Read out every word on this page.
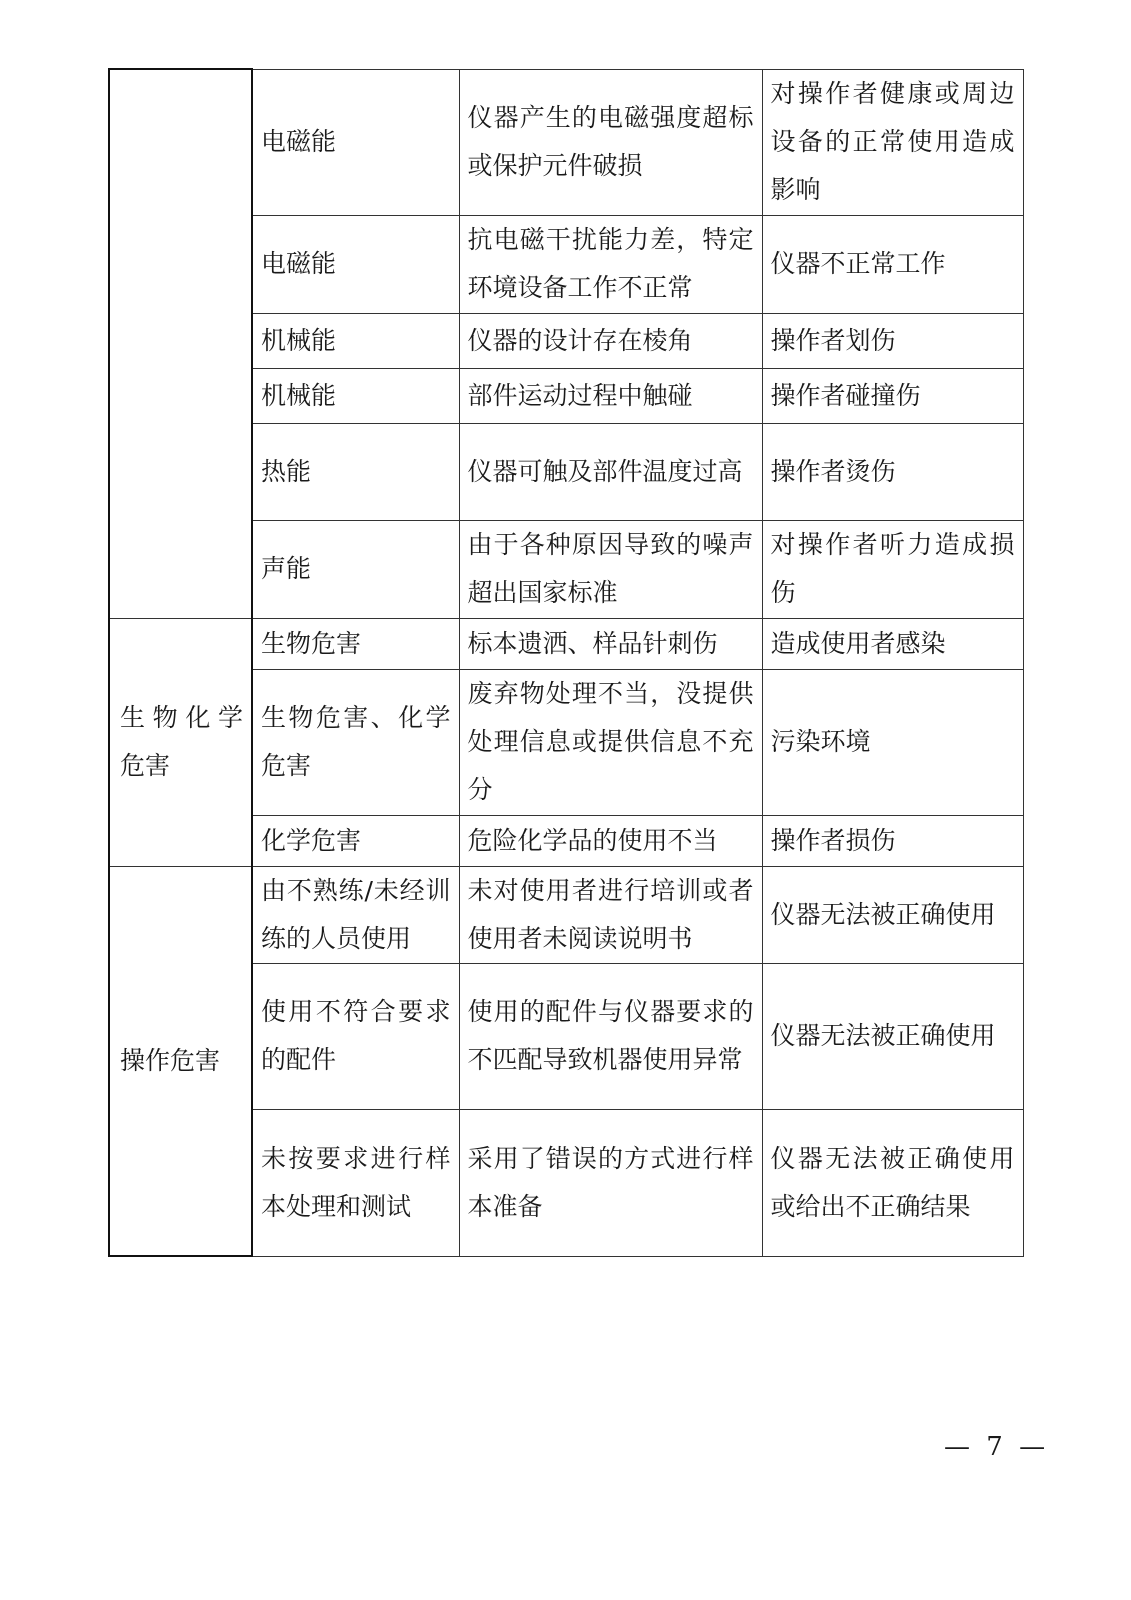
	电磁能	仪器产生的电磁强度超标或保护元件破损	对操作者健康或周边设备的正常使用造成影响
	电磁能	抗电磁干扰能力差，特定环境设备工作不正常	仪器不正常工作
	机械能	仪器的设计存在棱角	操作者划伤
	机械能	部件运动过程中触碰	操作者碰撞伤
	热能	仪器可触及部件温度过高	操作者烫伤
	声能	由于各种原因导致的噪声超出国家标准	对操作者听力造成损伤
生物化学危害	生物危害	标本遗洒、样品针刺伤	造成使用者感染
	生物危害、化学危害	废弃物处理不当，没提供处理信息或提供信息不充分	污染环境
	化学危害	危险化学品的使用不当	操作者损伤
操作危害	由不熟练/未经训练的人员使用	未对使用者进行培训或者使用者未阅读说明书	仪器无法被正确使用
	使用不符合要求的配件	使用的配件与仪器要求的不匹配导致机器使用异常	仪器无法被正确使用
	未按要求进行样本处理和测试	采用了错误的方式进行样本准备	仪器无法被正确使用或给出不正确结果
— 7 —
